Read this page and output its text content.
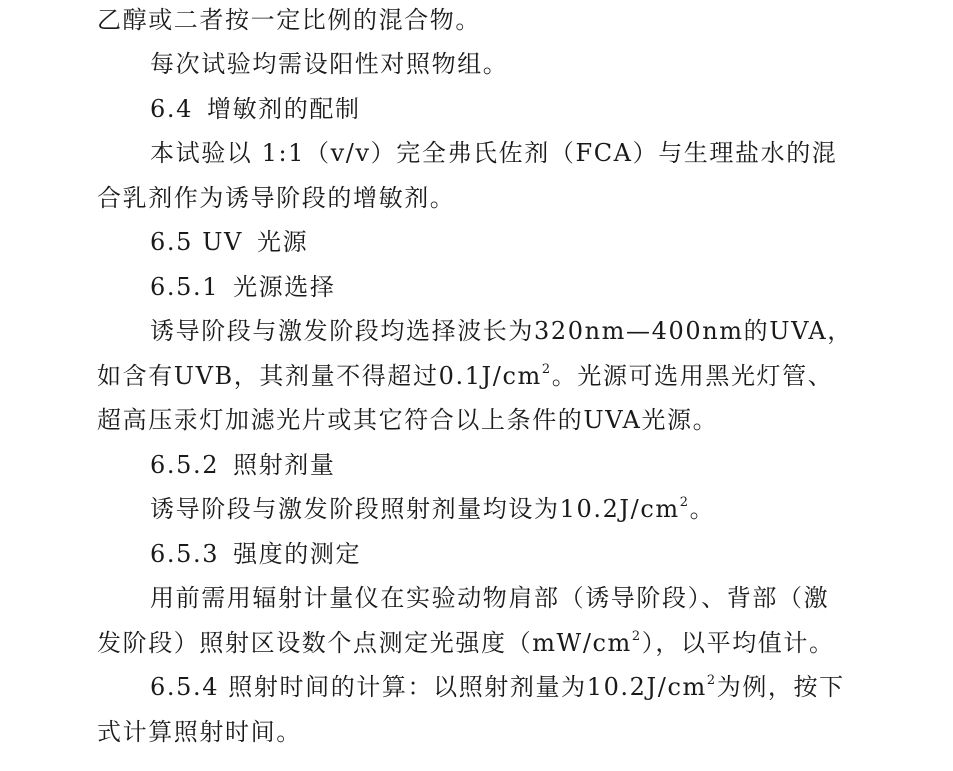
乙醇或二者按一定比例的混合物。
每次试验均需设阳性对照物组。
6.4 增敏剂的配制
本试验以 1:1（v/v）完全弗氏佐剂（FCA）与生理盐水的混
合乳剂作为诱导阶段的增敏剂。
6.5 UV 光源
6.5.1 光源选择
诱导阶段与激发阶段均选择波长为320nm—400nm的UVA，
如含有UVB，其剂量不得超过$0.1J/cm^2$。光源可选用黑光灯管、
超高压汞灯加滤光片或其它符合以上条件的UVA光源。
6.5.2 照射剂量
诱导阶段与激发阶段照射剂量均设为$10.2J/cm^2$。
6.5.3 强度的测定
用前需用辐射计量仪在实验动物肩部（诱导阶段）、背部（激
发阶段）照射区设数个点测定光强度$(mW/cm^2)$，以平均值计。
6.5.4 照射时间的计算：以照射剂量为$10.2J/cm^2$为例，按下
式计算照射时间。
